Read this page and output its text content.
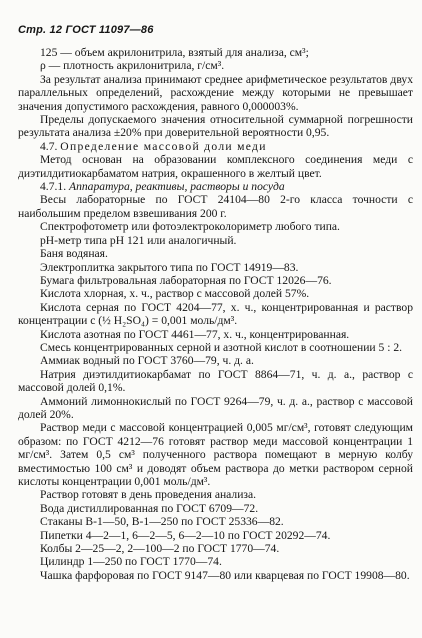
Стр. 12 ГОСТ 11097—86

125 — объем акрилонитрила, взятый для анализа, см³;

ρ — плотность акрилонитрила, г/см³.

За результат анализа принимают среднее арифметическое результатов двух параллельных определений, расхождение между которыми не превышает значения допустимого расхождения, равного 0,000003%.

Пределы допускаемого значения относительной суммарной погрешности результата анализа ±20% при доверительной вероятности 0,95.

4.7. Определение массовой доли меди

Метод основан на образовании комплексного соединения меди с диэтилдитиокарбаматом натрия, окрашенного в желтый цвет.

4.7.1. Аппаратура, реактивы, растворы и посуда

Весы лабораторные по ГОСТ 24104—80 2-го класса точности с наибольшим пределом взвешивания 200 г.

Спектрофотометр или фотоэлектроколориметр любого типа.

pH-метр типа pH 121 или аналогичный.

Баня водяная.

Электроплитка закрытого типа по ГОСТ 14919—83.

Бумага фильтровальная лабораторная по ГОСТ 12026—76.

Кислота хлорная, х. ч., раствор с массовой долей 57%.

Кислота серная по ГОСТ 4204—77, х. ч., концентрированная и раствор концентрации с (½ H₂SO₄) = 0,001 моль/дм³.

Кислота азотная по ГОСТ 4461—77, х. ч., концентрированная.

Смесь концентрированных серной и азотной кислот в соотношении 5 : 2.

Аммиак водный по ГОСТ 3760—79, ч. д. а.

Натрия диэтилдитиокарбамат по ГОСТ 8864—71, ч. д. а., раствор с массовой долей 0,1%.

Аммоний лимоннокислый по ГОСТ 9264—79, ч. д. а., раствор с массовой долей 20%.

Раствор меди с массовой концентрацией 0,005 мг/см³, готовят следующим образом: по ГОСТ 4212—76 готовят раствор меди массовой концентрации 1 мг/см³. Затем 0,5 см³ полученного раствора помещают в мерную колбу вместимостью 100 см³ и доводят объем раствора до метки раствором серной кислоты концентрации 0,001 моль/дм³.

Раствор готовят в день проведения анализа.

Вода дистиллированная по ГОСТ 6709—72.

Стаканы В-1—50, В-1—250 по ГОСТ 25336—82.

Пипетки 4—2—1, 6—2—5, 6—2—10 по ГОСТ 20292—74.

Колбы 2—25—2, 2—100—2 по ГОСТ 1770—74.

Цилиндр 1—250 по ГОСТ 1770—74.

Чашка фарфоровая по ГОСТ 9147—80 или кварцевая по ГОСТ 19908—80.
